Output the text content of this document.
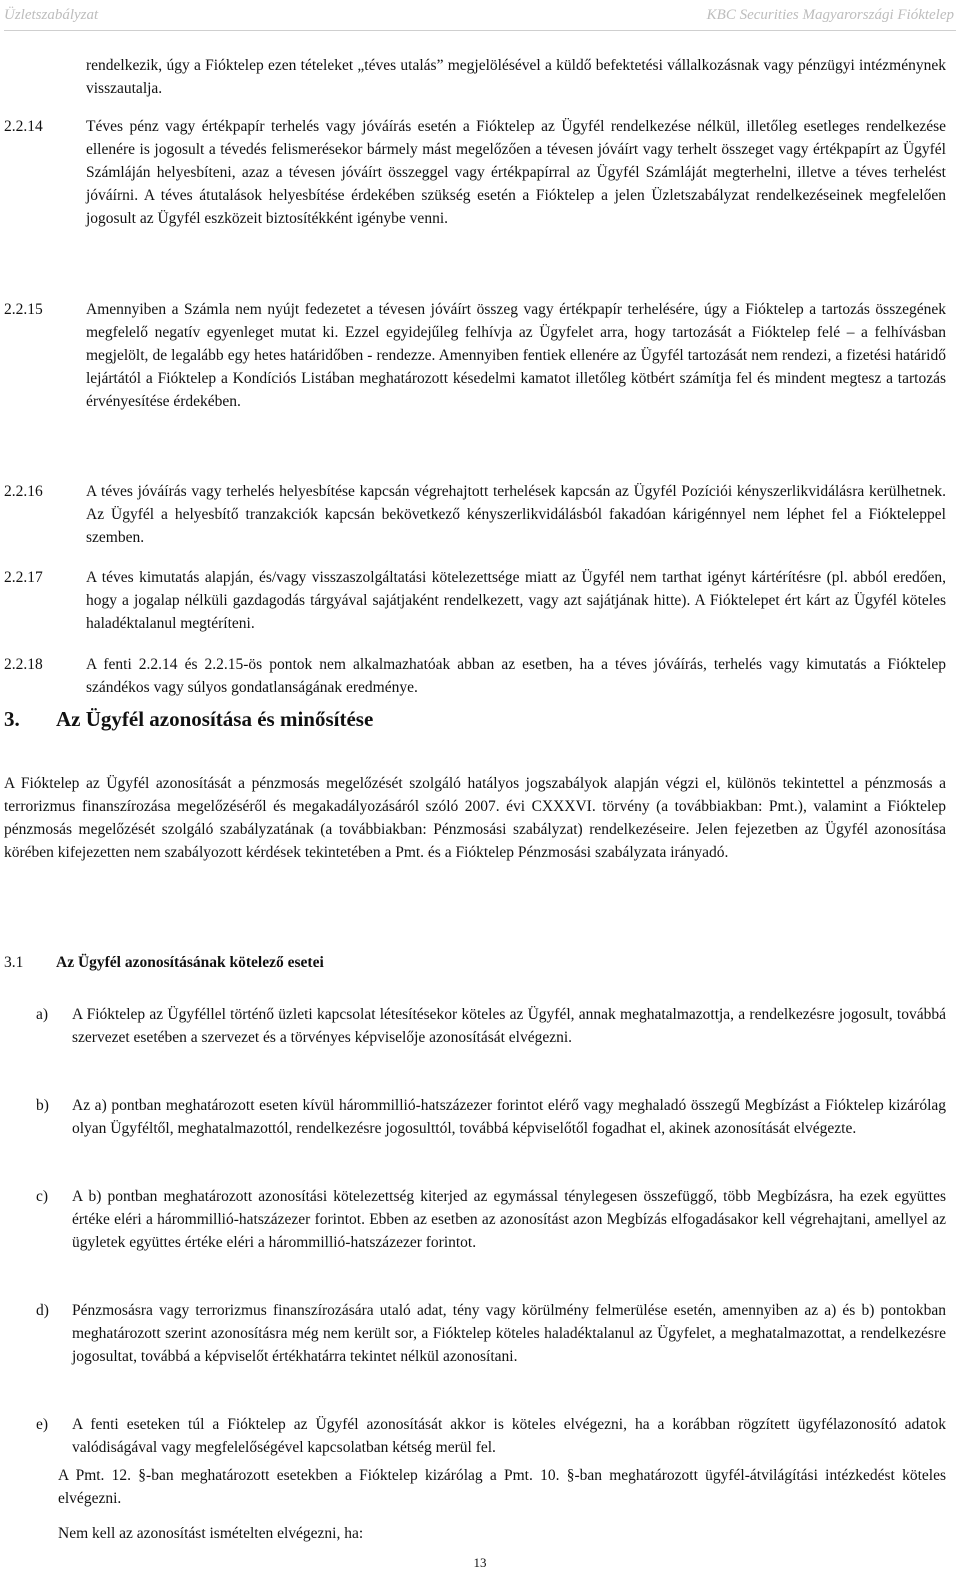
Üzletszabályzat	KBC Securities Magyarországi Fióktelep
rendelkezik, úgy a Fióktelep ezen tételeket „téves utalás” megjelölésével a küldő befektetési vállalkozásnak vagy pénzügyi intézménynek visszautalja.
2.2.14	Téves pénz vagy értékpapír terhelés vagy jóváírás esetén a Fióktelep az Ügyfél rendelkezése nélkül, illetőleg esetleges rendelkezése ellenére is jogosult a tévedés felismerésekor bármely mást megelőzően a tévesen jóváírt vagy terhelt összeget vagy értékpapírt az Ügyfél Számláján helyesbíteni, azaz a tévesen jóváírt összeggel vagy értékpapírral az Ügyfél Számláját megterhelni, illetve a téves terhelést jóváírni. A téves átutalások helyesbítése érdekében szükség esetén a Fióktelep a jelen Üzletszabályzat rendelkezéseinek megfelelően jogosult az Ügyfél eszközeit biztosítékként igénybe venni.
2.2.15	Amennyiben a Számla nem nyújt fedezetet a tévesen jóváírt összeg vagy értékpapír terhelésére, úgy a Fióktelep a tartozás összegének megfelelő negatív egyenleget mutat ki. Ezzel egyidejűleg felhívja az Ügyfelet arra, hogy tartozását a Fióktelep felé – a felhívásban megjelölt, de legalább egy hetes határidőben - rendezze. Amennyiben fentiek ellenére az Ügyfél tartozását nem rendezi, a fizetési határidő lejártától a Fióktelep a Kondíciós Listában meghatározott késedelmi kamatot illetőleg kötbért számítja fel és mindent megtesz a tartozás érvényesítése érdekében.
2.2.16	A téves jóváírás vagy terhelés helyesbítése kapcsán végrehajtott terhelések kapcsán az Ügyfél Pozíciói kényszerlikvidálásra kerülhetnek. Az Ügyfél a helyesbítő tranzakciók kapcsán bekövetkező kényszerlikvidálásból fakadóan kárigénnyel nem léphet fel a Fiókteleppel szemben.
2.2.17	A téves kimutatás alapján, és/vagy visszaszolgáltatási kötelezettsége miatt az Ügyfél nem tarthat igényt kártérítésre (pl. abból eredően, hogy a jogalap nélküli gazdagodás tárgyával sajátjaként rendelkezett, vagy azt sajátjának hitte). A Fióktelepet ért kárt az Ügyfél köteles haladéktalanul megtéríteni.
2.2.18	A fenti 2.2.14 és 2.2.15-ös pontok nem alkalmazhatóak abban az esetben, ha a téves jóváírás, terhelés vagy kimutatás a Fióktelep szándékos vagy súlyos gondatlanságának eredménye.
3. Az Ügyfél azonosítása és minősítése
A Fióktelep az Ügyfél azonosítását a pénzmosás megelőzését szolgáló hatályos jogszabályok alapján végzi el, különös tekintettel a pénzmosás a terrorizmus finanszírozása megelőzéséről és megakadályozásáról szóló 2007. évi CXXXVI. törvény (a továbbiakban: Pmt.), valamint a Fióktelep pénzmosás megelőzését szolgáló szabályzatának (a továbbiakban: Pénzmosási szabályzat) rendelkezéseire. Jelen fejezetben az Ügyfél azonosítása körében kifejezetten nem szabályozott kérdések tekintetében a Pmt. és a Fióktelep Pénzmosási szabályzata irányadó.
3.1 Az Ügyfél azonosításának kötelező esetei
a) A Fióktelep az Ügyféllel történő üzleti kapcsolat létesítésekor köteles az Ügyfél, annak meghatalmazottja, a rendelkezésre jogosult, továbbá szervezet esetében a szervezet és a törvényes képviselője azonosítását elvégezni.
b) Az a) pontban meghatározott eseten kívül hárommillió-hatszázezer forintot elérő vagy meghaladó összegű Megbízást a Fióktelep kizárólag olyan Ügyféltől, meghatalmazottól, rendelkezésre jogosulttól, továbbá képviselőtől fogadhat el, akinek azonosítását elvégezte.
c) A b) pontban meghatározott azonosítási kötelezettség kiterjed az egymással ténylegesen összefüggő, több Megbízásra, ha ezek együttes értéke eléri a hárommillió-hatszázezer forintot. Ebben az esetben az azonosítást azon Megbízás elfogadásakor kell végrehajtani, amellyel az ügyletek együttes értéke eléri a hárommillió-hatszázezer forintot.
d) Pénzmosásra vagy terrorizmus finanszírozására utaló adat, tény vagy körülmény felmerülése esetén, amennyiben az a) és b) pontokban meghatározott szerint azonosításra még nem került sor, a Fióktelep köteles haladéktalanul az Ügyfelet, a meghatalmazottat, a rendelkezésre jogosultat, továbbá a képviselőt értékhatárra tekintet nélkül azonosítani.
e) A fenti eseteken túl a Fióktelep az Ügyfél azonosítását akkor is köteles elvégezni, ha a korábban rögzített ügyfélazonosító adatok valódiságával vagy megfelelőségével kapcsolatban kétség merül fel.
A Pmt. 12. §-ban meghatározott esetekben a Fióktelep kizárólag a Pmt. 10. §-ban meghatározott ügyfél-átvilágítási intézkedést köteles elvégezni.
Nem kell az azonosítást ismételten elvégezni, ha:
13
